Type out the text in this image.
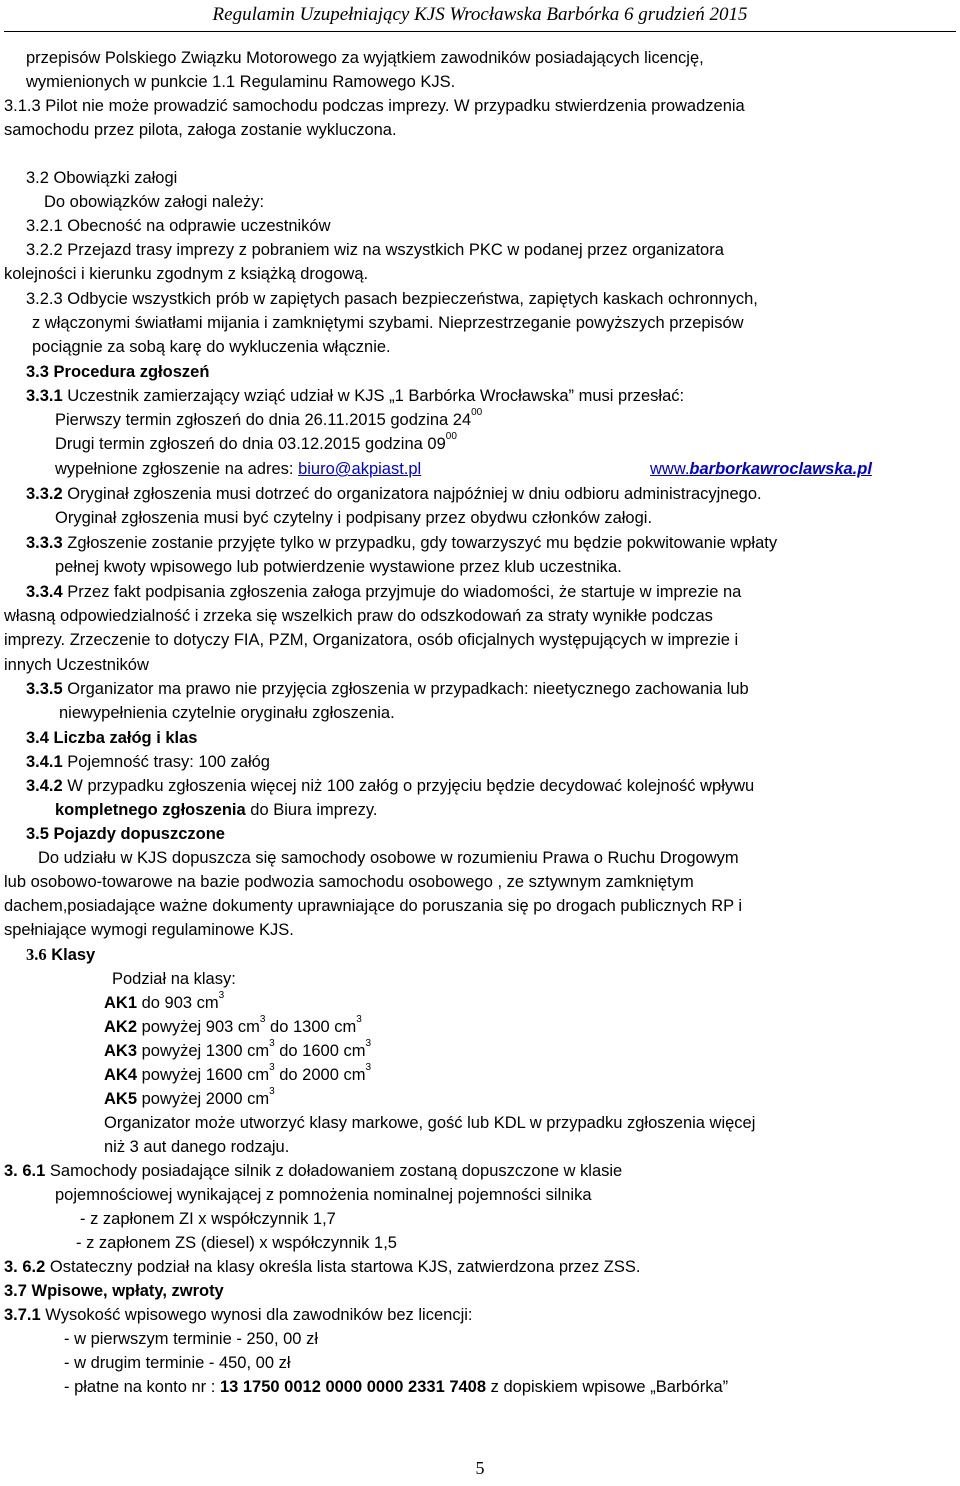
Regulamin Uzupełniający KJS Wrocławska Barbórka 6 grudzień 2015
przepisów Polskiego Związku Motorowego za wyjątkiem zawodników posiadających licencję,
wymienionych w punkcie 1.1 Regulaminu Ramowego KJS.
3.1.3 Pilot nie może prowadzić samochodu podczas imprezy. W przypadku stwierdzenia prowadzenia
samochodu przez pilota, załoga zostanie wykluczona.
3.2 Obowiązki załogi
Do obowiązków załogi należy:
3.2.1 Obecność na odprawie uczestników
3.2.2 Przejazd trasy imprezy z pobraniem wiz na wszystkich PKC w podanej przez organizatora
kolejności i kierunku zgodnym z książką drogową.
3.2.3 Odbycie wszystkich prób w zapiętych pasach bezpieczeństwa, zapiętych kaskach ochronnych,
z włączonymi światłami mijania i zamkniętymi szybami. Nieprzestrzeganie powyższych przepisów
pociągnie za sobą karę do wykluczenia włącznie.
3.3 Procedura zgłoszeń
3.3.1 Uczestnik zamierzający wziąć udział w KJS „1 Barbórka Wrocławska” musi przesłać:
Pierwszy termin zgłoszeń do dnia 26.11.2015 godzina $24^{00}$
Drugi termin zgłoszeń do dnia 03.12.2015 godzina $09^{00}$
wypełnione zgłoszenie na adres: biuro@akpiast.pl	www.barborkawroclawska.pl
3.3.2 Oryginał zgłoszenia musi dotrzeć do organizatora najpóźniej w dniu odbioru administracyjnego.
Oryginał zgłoszenia musi być czytelny i podpisany przez obydwu członków załogi.
3.3.3 Zgłoszenie zostanie przyjęte tylko w przypadku, gdy towarzyszyć mu będzie pokwitowanie wpłaty
pełnej kwoty wpisowego lub potwierdzenie wystawione przez klub uczestnika.
3.3.4 Przez fakt podpisania zgłoszenia załoga przyjmuje do wiadomości, że startuje w imprezie na
własną odpowiedzialność i zrzeka się wszelkich praw do odszkodowań za straty wynikłe podczas
imprezy. Zrzeczenie to dotyczy FIA, PZM, Organizatora, osób oficjalnych występujących w imprezie i
innych Uczestników
3.3.5 Organizator ma prawo nie przyjęcia zgłoszenia w przypadkach: nieetycznego zachowania lub
niewypełnienia czytelnie oryginału zgłoszenia.
3.4 Liczba załóg i klas
3.4.1 Pojemność trasy: 100 załóg
3.4.2 W przypadku zgłoszenia więcej niż 100 załóg o przyjęciu będzie decydować kolejność wpływu
kompletnego zgłoszenia do Biura imprezy.
3.5 Pojazdy dopuszczone
Do udziału w KJS dopuszcza się samochody osobowe w rozumieniu Prawa o Ruchu Drogowym
lub osobowo-towarowe na bazie podwozia samochodu osobowego , ze sztywnym zamkniętym
dachem,posiadające ważne dokumenty uprawniające do poruszania się po drogach publicznych RP i
spełniające wymogi regulaminowe KJS.
3.6 Klasy
Podział na klasy:
AK1 do 903 $cm^3$
AK2 powyżej 903 $cm^3$ do 1300 $cm^3$
AK3 powyżej 1300 $cm^3$ do 1600 $cm^3$
AK4 powyżej 1600 $cm^3$ do 2000 $cm^3$
AK5 powyżej 2000 $cm^3$
Organizator może utworzyć klasy markowe, gość lub KDL w przypadku zgłoszenia więcej
niż 3 aut danego rodzaju.
3. 6.1 Samochody posiadające silnik z doładowaniem zostaną dopuszczone w klasie
pojemnościowej wynikającej z pomnożenia nominalnej pojemności silnika
- z zapłonem ZI x współczynnik 1,7
- z zapłonem ZS (diesel) x współczynnik 1,5
3. 6.2 Ostateczny podział na klasy określa lista startowa KJS, zatwierdzona przez ZSS.
3.7 Wpisowe, wpłaty, zwroty
3.7.1 Wysokość wpisowego wynosi dla zawodników bez licencji:
- w pierwszym terminie - 250, 00 zł
- w drugim terminie - 450, 00 zł
- płatne na konto nr : 13 1750 0012 0000 0000 2331 7408 z dopiskiem wpisowe „Barbórka”
5
